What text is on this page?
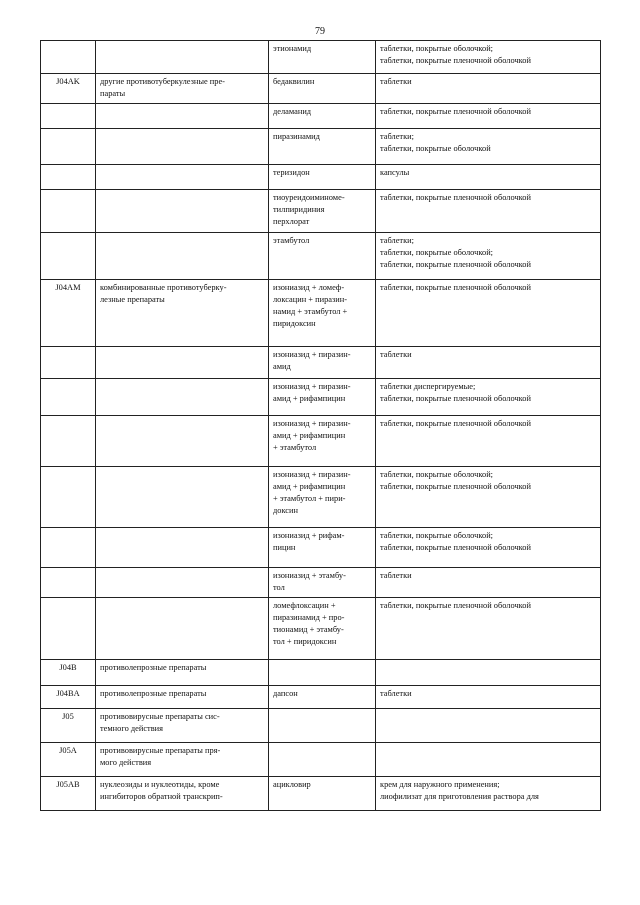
79

		этионамид	таблетки, покрытые оболочкой;
таблетки, покрытые пленочной оболочкой

J04AK	другие противотуберкулезные пре-
параты	бедаквилин	таблетки

		деламанид	таблетки, покрытые пленочной оболочкой

		пиразинамид	таблетки;
таблетки, покрытые оболочкой

		теризидон	капсулы

		тиоуреидоиминоме-
тилпиридиния
перхлорат	таблетки, покрытые пленочной оболочкой

		этамбутол	таблетки;
таблетки, покрытые оболочкой;
таблетки, покрытые пленочной оболочкой

J04AM	комбинированные противотуберку-
лезные препараты	изониазид + ломеф-
локсацин + пиразин-
намид + этамбутол +
пиридоксин	таблетки, покрытые пленочной оболочкой

		изониазид + пиразин-
амид	таблетки

		изониазид + пиразин-
амид + рифампицин	таблетки диспергируемые;
таблетки, покрытые пленочной оболочкой

		изониазид + пиразин-
амид + рифампицин
+ этамбутол	таблетки, покрытые пленочной оболочкой

		изониазид + пиразин-
амид + рифампицин
+ этамбутол + пири-
доксин	таблетки, покрытые оболочкой;
таблетки, покрытые пленочной оболочкой

		изониазид + рифам-
пицин	таблетки, покрытые оболочкой;
таблетки, покрытые пленочной оболочкой

		изониазид + этамбу-
тол	таблетки

		ломефлоксацин +
пиразинамид + про-
тионамид + этамбу-
тол + пиридоксин	таблетки, покрытые пленочной оболочкой

J04B	противолепрозные препараты		

J04BA	противолепрозные препараты	дапсон	таблетки

J05	противовирусные препараты сис-
темного действия		

J05A	противовирусные препараты пря-
мого действия		

J05AB	нуклеозиды и нуклеотиды, кроме
ингибиторов обратной транскрип-	ацикловир	крем для наружного применения;
лиофилизат для приготовления раствора для
